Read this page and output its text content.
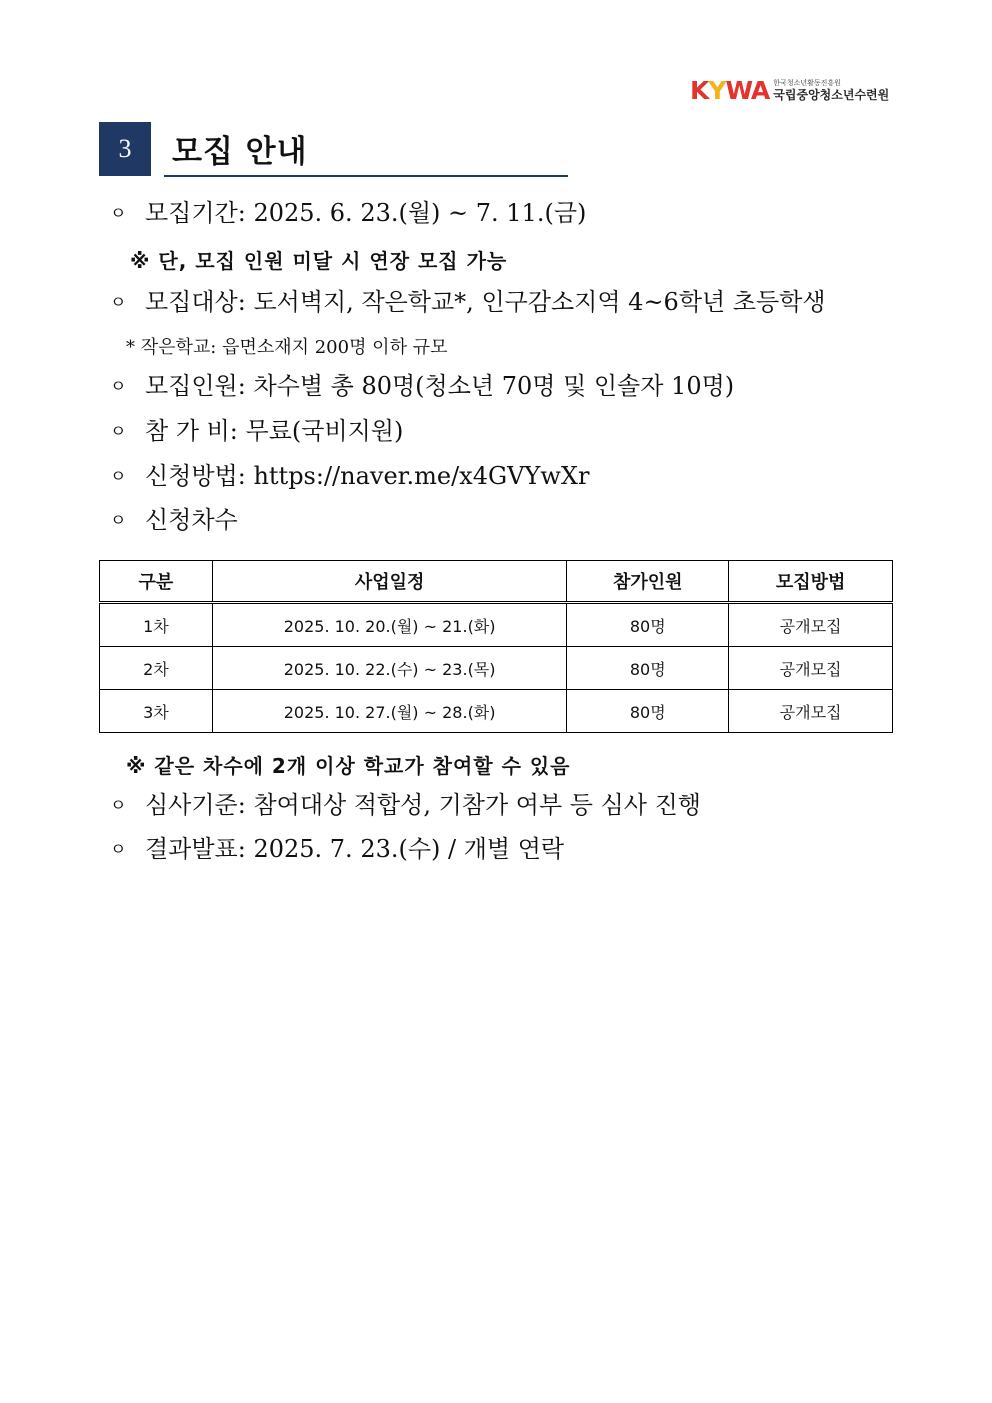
K Y WA 한국청소년활동진흥원
국립중앙청소년수련원
3	모집 안내
ㅇ 모집기간: 2025. 6. 23.(월) ~ 7. 11.(금)
※ 단, 모집 인원 미달 시 연장 모집 가능
ㅇ 모집대상: 도서벽지, 작은학교*, 인구감소지역 4~6학년 초등학생
* 작은학교: 읍면소재지 200명 이하 규모
ㅇ 모집인원: 차수별 총 80명(청소년 70명 및 인솔자 10명)
ㅇ 참 가 비: 무료(국비지원)
ㅇ 신청방법: https://naver.me/x4GVYwXr
ㅇ 신청차수
구분	사업일정	참가인원	모집방법
1차	2025. 10. 20.(월) ~ 21.(화)	80명	공개모집
2차	2025. 10. 22.(수) ~ 23.(목)	80명	공개모집
3차	2025. 10. 27.(월) ~ 28.(화)	80명	공개모집
※ 같은 차수에 2개 이상 학교가 참여할 수 있음
ㅇ 심사기준: 참여대상 적합성, 기참가 여부 등 심사 진행
ㅇ 결과발표: 2025. 7. 23.(수) / 개별 연락
